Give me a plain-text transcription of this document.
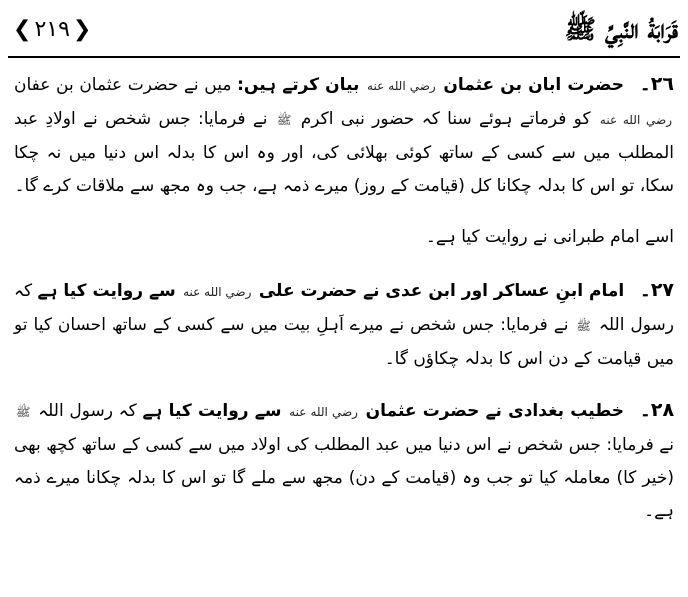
قَرَابَةُ النَّبِيِّ ﷺ
❮ ٢١٩ ❯

٢٦۔ حضرت ابان بن عثمان رضي الله عنه بیان کرتے ہیں: میں نے حضرت عثمان بن عفان رضي الله عنه کو فرماتے ہوئے سنا کہ حضور نبی اکرم ﷺ نے فرمایا: جس شخص نے اولادِ عبد المطلب میں سے کسی کے ساتھ کوئی بھلائی کی، اور وہ اس کا بدلہ اس دنیا میں نہ چکا سکا، تو اس کا بدلہ چکانا کل (قیامت کے روز) میرے ذمہ ہے، جب وہ مجھ سے ملاقات کرے گا۔

اسے امام طبرانی نے روایت کیا ہے۔

٢٧۔ امام ابنِ عساکر اور ابن عدی نے حضرت علی رضي الله عنه سے روایت کیا ہے کہ رسول اللہ ﷺ نے فرمایا: جس شخص نے میرے اَہلِ بیت میں سے کسی کے ساتھ احسان کیا تو میں قیامت کے دن اس کا بدلہ چکاؤں گا۔

٢٨۔ خطیب بغدادی نے حضرت عثمان رضي الله عنه سے روایت کیا ہے کہ رسول اللہ ﷺ نے فرمایا: جس شخص نے اس دنیا میں عبد المطلب کی اولاد میں سے کسی کے ساتھ کچھ بھی (خیر کا) معاملہ کیا تو جب وہ (قیامت کے دن) مجھ سے ملے گا تو اس کا بدلہ چکانا میرے ذمہ ہے۔
